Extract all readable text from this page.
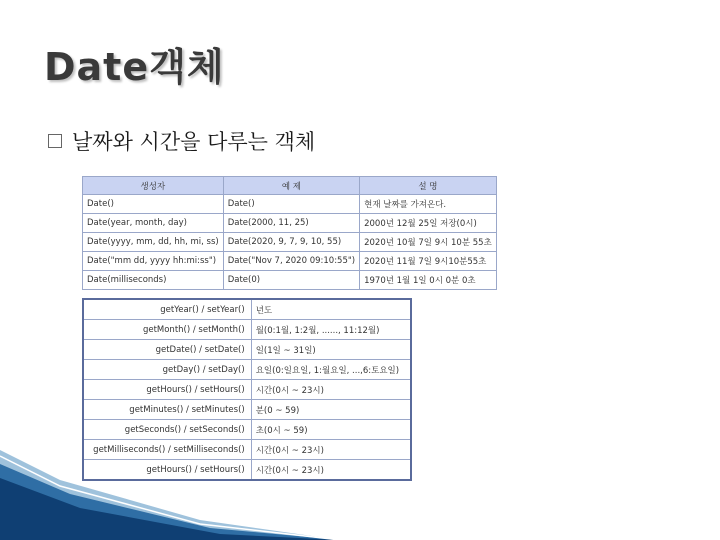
Date객체
날짜와 시간을 다루는 객체
생성자	예 제	설 명
Date()	Date()	현재 날짜를 가져온다.
Date(year, month, day)	Date(2000, 11, 25)	2000년 12월 25일 저장(0시)
Date(yyyy, mm, dd, hh, mi, ss)	Date(2020, 9, 7, 9, 10, 55)	2020년 10월 7일 9시 10분 55초
Date("mm dd, yyyy hh:mi:ss")	Date("Nov 7, 2020 09:10:55")	2020년 11월 7일 9시10분55초
Date(milliseconds)	Date(0)	1970년 1월 1일 0시 0분 0초
getYear() / setYear()	년도
getMonth() / setMonth()	월(0:1월, 1:2월, ......, 11:12월)
getDate() / setDate()	일(1일 ~ 31일)
getDay() / setDay()	요일(0:일요일, 1:월요일, ...,6:토요일)
getHours() / setHours()	시간(0시 ~ 23시)
getMinutes() / setMinutes()	분(0 ~ 59)
getSeconds() / setSeconds()	초(0시 ~ 59)
getMilliseconds() / setMilliseconds()	시간(0시 ~ 23시)
getHours() / setHours()	시간(0시 ~ 23시)
